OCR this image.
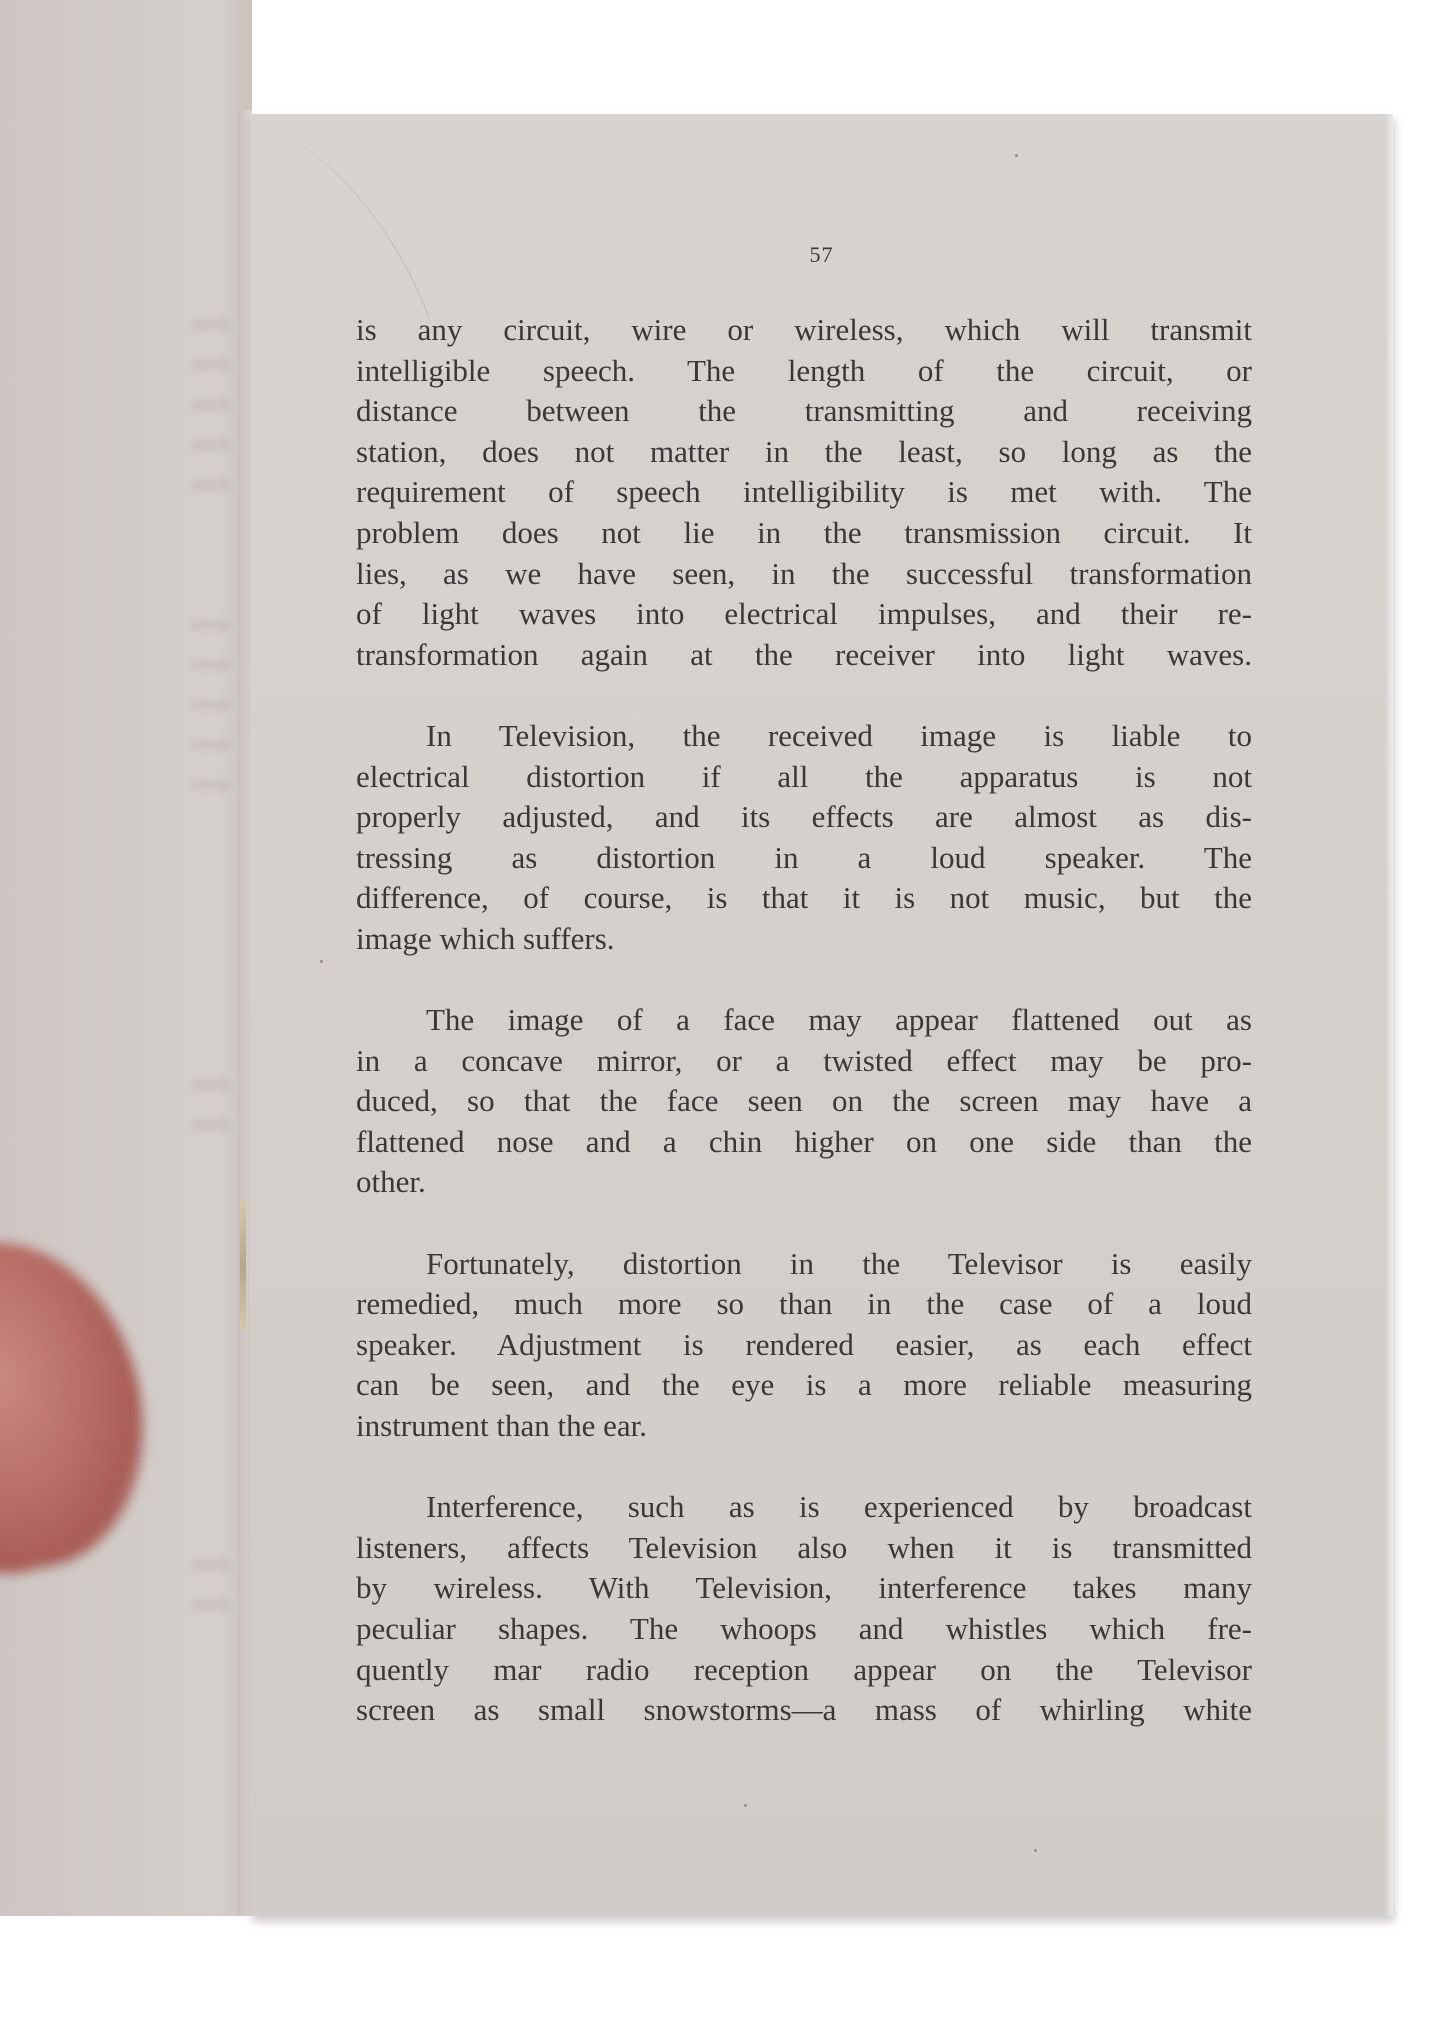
57
is any circuit, wire or wireless, which will transmit
intelligible speech. The length of the circuit, or
distance between the transmitting and receiving
station, does not matter in the least, so long as the
requirement of speech intelligibility is met with. The
problem does not lie in the transmission circuit. It
lies, as we have seen, in the successful transformation
of light waves into electrical impulses, and their re-
transformation again at the receiver into light waves.
In Television, the received image is liable to
electrical distortion if all the apparatus is not
properly adjusted, and its effects are almost as dis-
tressing as distortion in a loud speaker. The
difference, of course, is that it is not music, but the
image which suffers.
The image of a face may appear flattened out as
in a concave mirror, or a twisted effect may be pro-
duced, so that the face seen on the screen may have a
flattened nose and a chin higher on one side than the
other.
Fortunately, distortion in the Televisor is easily
remedied, much more so than in the case of a loud
speaker. Adjustment is rendered easier, as each effect
can be seen, and the eye is a more reliable measuring
instrument than the ear.
Interference, such as is experienced by broadcast
listeners, affects Television also when it is transmitted
by wireless. With Television, interference takes many
peculiar shapes. The whoops and whistles which fre-
quently mar radio reception appear on the Televisor
screen as small snowstorms—a mass of whirling white
